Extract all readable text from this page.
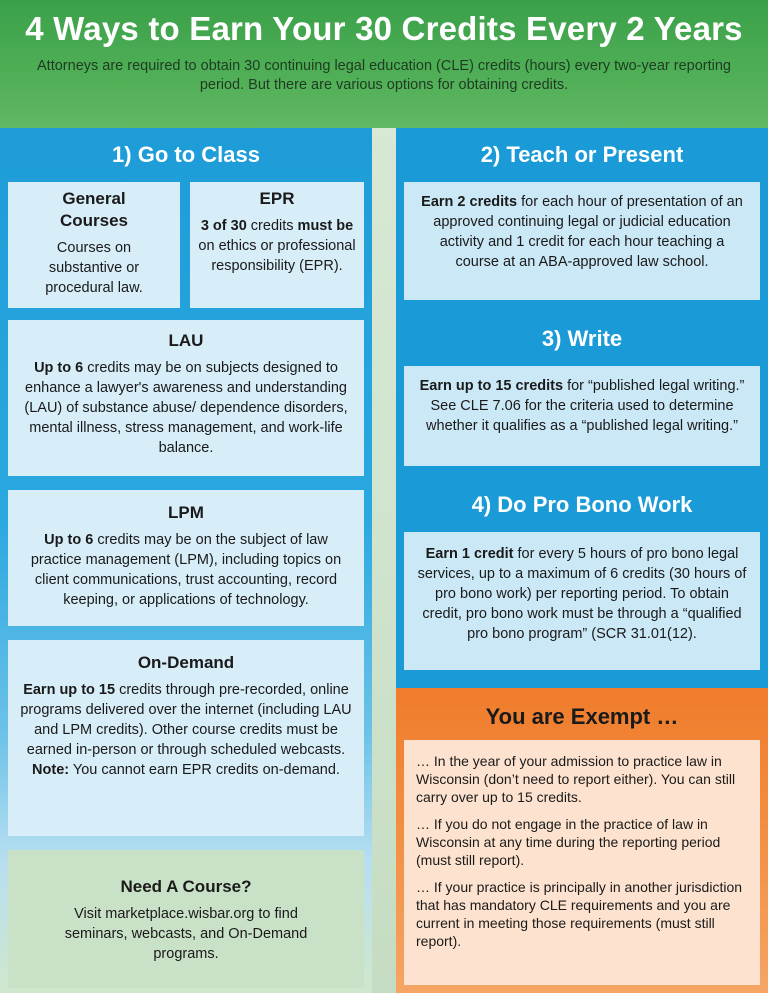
4 Ways to Earn Your 30 Credits Every 2 Years

Attorneys are required to obtain 30 continuing legal education (CLE) credits (hours) every two-year reporting period. But there are various options for obtaining credits.

1) Go to Class
General Courses
Courses on substantive or procedural law.
EPR
3 of 30 credits must be on ethics or professional responsibility (EPR).
LAU
Up to 6 credits may be on subjects designed to enhance a lawyer's awareness and understanding (LAU) of substance abuse/ dependence disorders, mental illness, stress management, and work-life balance.
LPM
Up to 6 credits may be on the subject of law practice management (LPM), including topics on client communications, trust accounting, record keeping, or applications of technology.
On-Demand
Earn up to 15 credits through pre-recorded, online programs delivered over the internet (including LAU and LPM credits). Other course credits must be earned in-person or through scheduled webcasts. Note: You cannot earn EPR credits on-demand.
Need A Course?
Visit marketplace.wisbar.org to find seminars, webcasts, and On-Demand programs.
2) Teach or Present
Earn 2 credits for each hour of presentation of an approved continuing legal or judicial education activity and 1 credit for each hour teaching a course at an ABA-approved law school.
3) Write
Earn up to 15 credits for “published legal writing.” See CLE 7.06 for the criteria used to determine whether it qualifies as a “published legal writing.”
4) Do Pro Bono Work
Earn 1 credit for every 5 hours of pro bono legal services, up to a maximum of 6 credits (30 hours of pro bono work) per reporting period. To obtain credit, pro bono work must be through a “qualified pro bono program” (SCR 31.01(12).
You are Exempt …

… In the year of your admission to practice law in Wisconsin (don’t need to report either). You can still carry over up to 15 credits.

… If you do not engage in the practice of law in Wisconsin at any time during the reporting period (must still report).

… If your practice is principally in another jurisdiction that has mandatory CLE requirements and you are current in meeting those requirements (must still report).
